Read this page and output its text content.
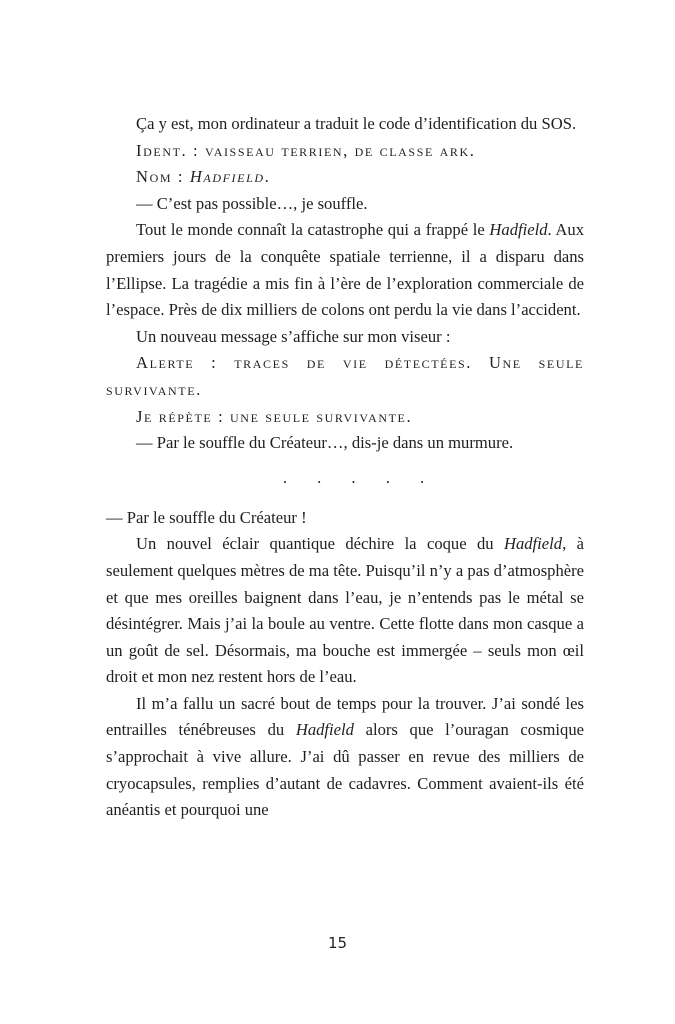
Ça y est, mon ordinateur a traduit le code d’identification du SOS.

Ident. : vaisseau terrien, de classe ark.

Nom : Hadfield.

— C’est pas possible…, je souffle.

Tout le monde connaît la catastrophe qui a frappé le Hadfield. Aux premiers jours de la conquête spatiale terrienne, il a disparu dans l’Ellipse. La tragédie a mis fin à l’ère de l’exploration commerciale de l’espace. Près de dix milliers de colons ont perdu la vie dans l’accident.

Un nouveau message s’affiche sur mon viseur :

Alerte : traces de vie détectées. Une seule survivante.

Je répète : une seule survivante.

— Par le souffle du Créateur…, dis-je dans un murmure.

. . . . .

— Par le souffle du Créateur !

Un nouvel éclair quantique déchire la coque du Hadfield, à seulement quelques mètres de ma tête. Puisqu’il n’y a pas d’atmosphère et que mes oreilles baignent dans l’eau, je n’entends pas le métal se désintégrer. Mais j’ai la boule au ventre. Cette flotte dans mon casque a un goût de sel. Désormais, ma bouche est immergée – seuls mon œil droit et mon nez restent hors de l’eau.

Il m’a fallu un sacré bout de temps pour la trouver. J’ai sondé les entrailles ténébreuses du Hadfield alors que l’ouragan cosmique s’approchait à vive allure. J’ai dû passer en revue des milliers de cryocapsules, remplies d’autant de cadavres. Comment avaient-ils été anéantis et pourquoi une

15
